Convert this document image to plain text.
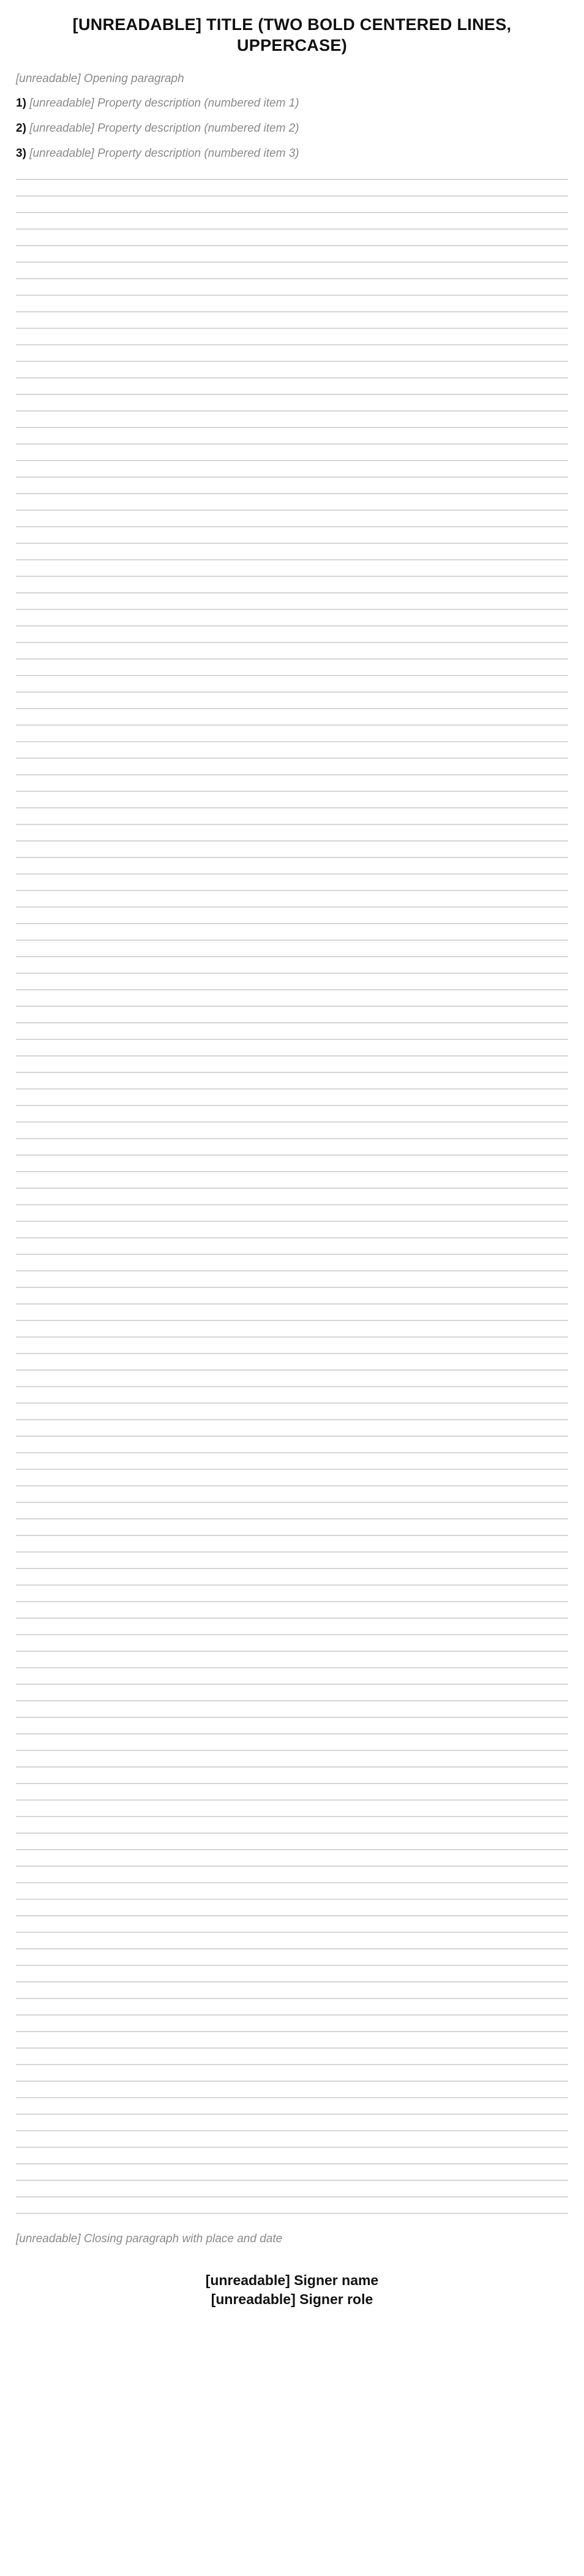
[UNREADABLE] TITLE (TWO BOLD CENTERED LINES, UPPERCASE)

[unreadable] Opening paragraph

1) [unreadable] Property description (numbered item 1)

2) [unreadable] Property description (numbered item 2)

3) [unreadable] Property description (numbered item 3)

[unreadable] Closing paragraph with place and date

[unreadable] Signer name
[unreadable] Signer role
